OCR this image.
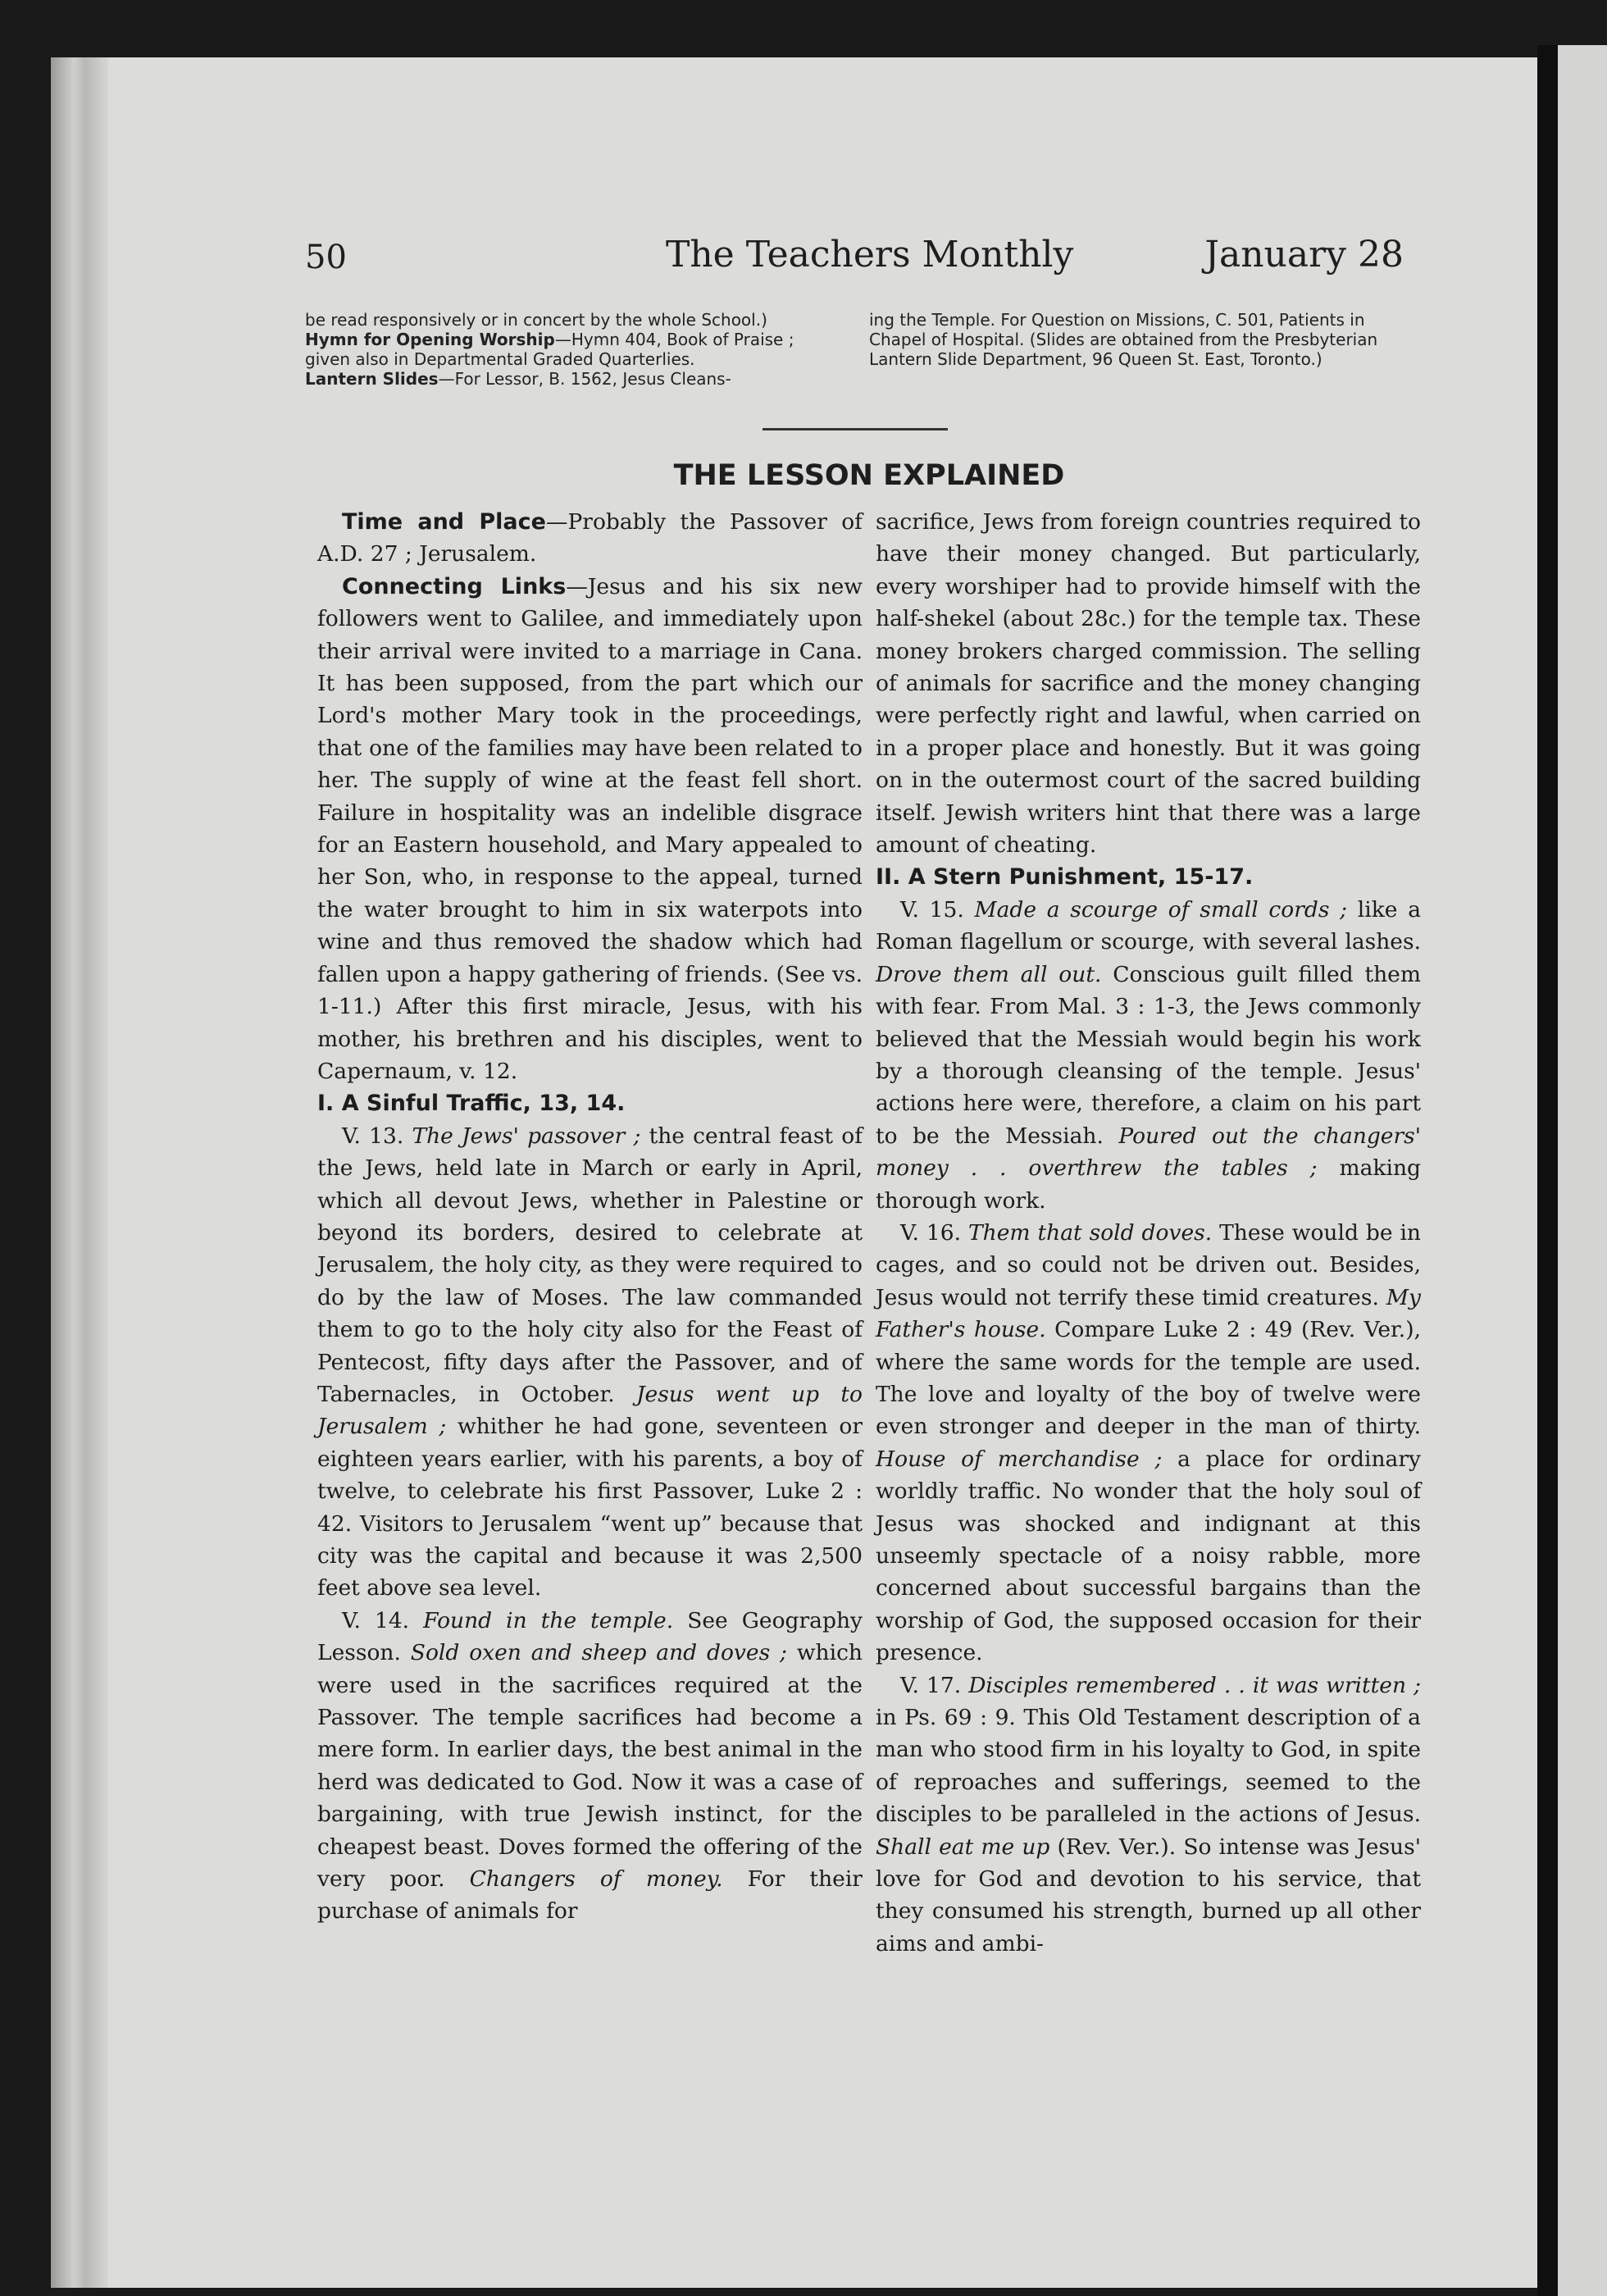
50	The Teachers Monthly	January 28

be read responsively or in concert by the whole School.)

Hymn for Opening Worship—Hymn 404, Book of Praise ; given also in Departmental Graded Quarterlies.

Lantern Slides—For Lessor, B. 1562, Jesus Cleans-

ing the Temple. For Question on Missions, C. 501, Patients in Chapel of Hospital. (Slides are obtained from the Presbyterian Lantern Slide Department, 96 Queen St. East, Toronto.)

THE LESSON EXPLAINED

Time and Place—Probably the Passover of A.D. 27 ; Jerusalem.

Connecting Links—Jesus and his six new followers went to Galilee, and immediately upon their arrival were invited to a marriage in Cana. It has been supposed, from the part which our Lord's mother Mary took in the proceedings, that one of the families may have been related to her. The supply of wine at the feast fell short. Failure in hospitality was an indelible disgrace for an Eastern household, and Mary appealed to her Son, who, in response to the appeal, turned the water brought to him in six waterpots into wine and thus removed the shadow which had fallen upon a happy gathering of friends. (See vs. 1-11.) After this first miracle, Jesus, with his mother, his brethren and his disciples, went to Capernaum, v. 12.

I. A Sinful Traffic, 13, 14.

V. 13. The Jews' passover ; the central feast of the Jews, held late in March or early in April, which all devout Jews, whether in Palestine or beyond its borders, desired to celebrate at Jerusalem, the holy city, as they were required to do by the law of Moses. The law commanded them to go to the holy city also for the Feast of Pentecost, fifty days after the Passover, and of Tabernacles, in October. Jesus went up to Jerusalem ; whither he had gone, seventeen or eighteen years earlier, with his parents, a boy of twelve, to celebrate his first Passover, Luke 2 : 42. Visitors to Jerusalem “went up” because that city was the capital and because it was 2,500 feet above sea level.

V. 14. Found in the temple. See Geography Lesson. Sold oxen and sheep and doves ; which were used in the sacrifices required at the Passover. The temple sacrifices had become a mere form. In earlier days, the best animal in the herd was dedicated to God. Now it was a case of bargaining, with true Jewish instinct, for the cheapest beast. Doves formed the offering of the very poor. Changers of money. For their purchase of animals for

sacrifice, Jews from foreign countries required to have their money changed. But particularly, every worshiper had to provide himself with the half-shekel (about 28c.) for the temple tax. These money brokers charged commission. The selling of animals for sacrifice and the money changing were perfectly right and lawful, when carried on in a proper place and honestly. But it was going on in the outermost court of the sacred building itself. Jewish writers hint that there was a large amount of cheating.

II. A Stern Punishment, 15-17.

V. 15. Made a scourge of small cords ; like a Roman flagellum or scourge, with several lashes. Drove them all out. Conscious guilt filled them with fear. From Mal. 3 : 1-3, the Jews commonly believed that the Messiah would begin his work by a thorough cleansing of the temple. Jesus' actions here were, therefore, a claim on his part to be the Messiah. Poured out the changers' money . . overthrew the tables ; making thorough work.

V. 16. Them that sold doves. These would be in cages, and so could not be driven out. Besides, Jesus would not terrify these timid creatures. My Father's house. Compare Luke 2 : 49 (Rev. Ver.), where the same words for the temple are used. The love and loyalty of the boy of twelve were even stronger and deeper in the man of thirty. House of merchandise ; a place for ordinary worldly traffic. No wonder that the holy soul of Jesus was shocked and indignant at this unseemly spectacle of a noisy rabble, more concerned about successful bargains than the worship of God, the supposed occasion for their presence.

V. 17. Disciples remembered . . it was written ; in Ps. 69 : 9. This Old Testament description of a man who stood firm in his loyalty to God, in spite of reproaches and sufferings, seemed to the disciples to be paralleled in the actions of Jesus. Shall eat me up (Rev. Ver.). So intense was Jesus' love for God and devotion to his service, that they consumed his strength, burned up all other aims and ambi-
